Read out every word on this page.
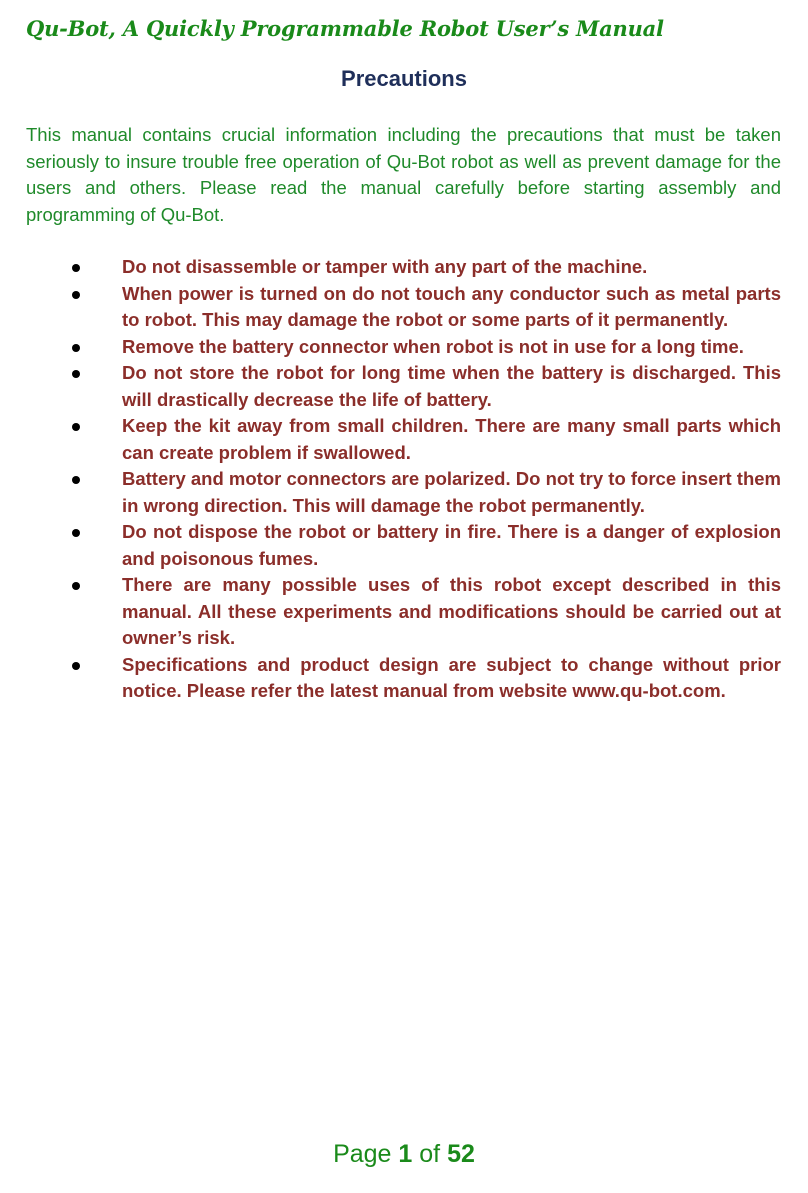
Qu-Bot, A Quickly Programmable Robot User’s Manual
Precautions

This manual contains crucial information including the precautions that must be taken seriously to insure trouble free operation of Qu-Bot robot as well as prevent damage for the users and others. Please read the manual carefully before starting assembly and programming of Qu-Bot.

Do not disassemble or tamper with any part of the machine.
When power is turned on do not touch any conductor such as metal parts to robot. This may damage the robot or some parts of it permanently.
Remove the battery connector when robot is not in use for a long time.
Do not store the robot for long time when the battery is discharged. This will drastically decrease the life of battery.
Keep the kit away from small children. There are many small parts which can create problem if swallowed.
Battery and motor connectors are polarized. Do not try to force insert them in wrong direction. This will damage the robot permanently.
Do not dispose the robot or battery in fire. There is a danger of explosion and poisonous fumes.
There are many possible uses of this robot except described in this manual. All these experiments and modifications should be carried out at owner’s risk.
Specifications and product design are subject to change without prior notice. Please refer the latest manual from website www.qu-bot.com.
Page 1 of 52
